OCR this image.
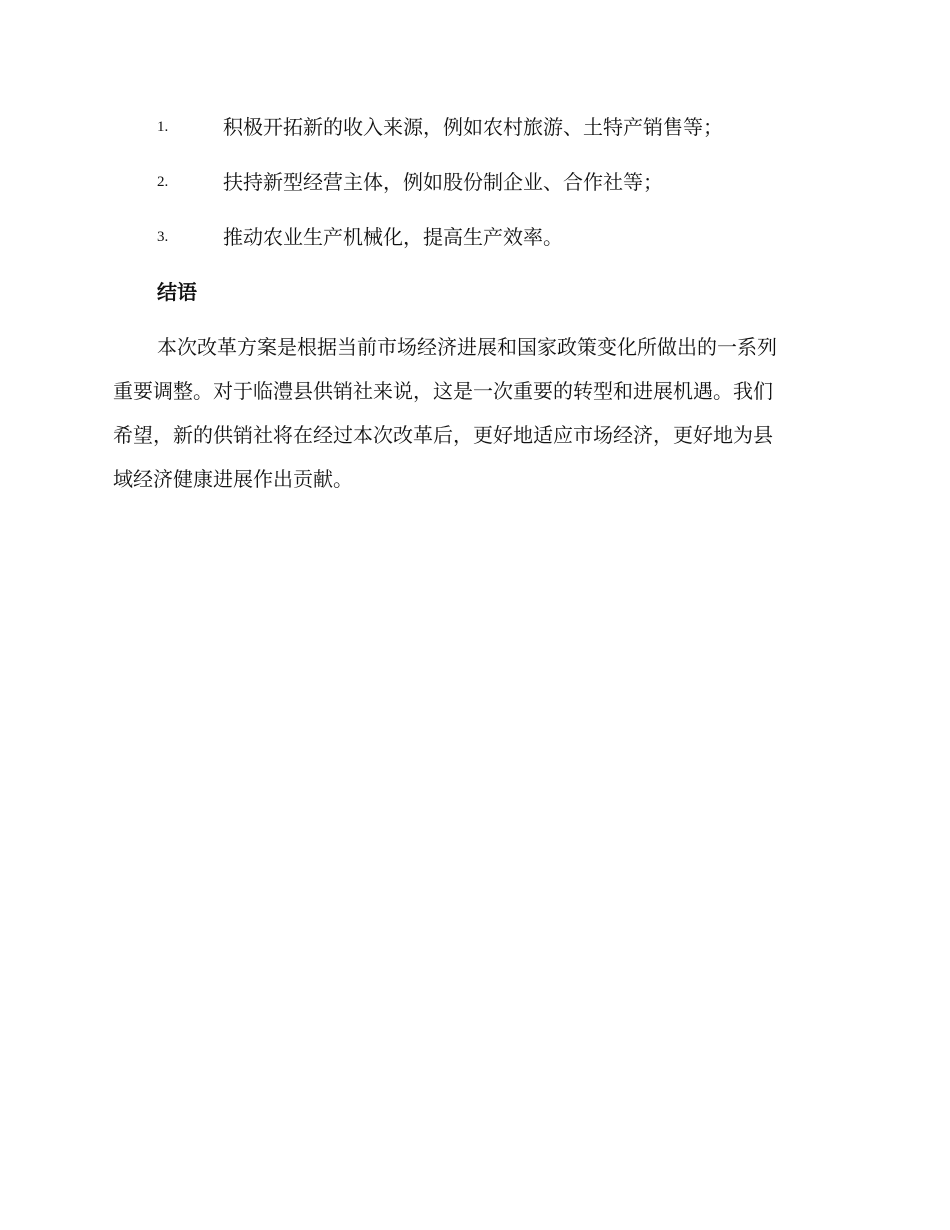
1.	积极开拓新的收入来源，例如农村旅游、土特产销售等；
2.	扶持新型经营主体，例如股份制企业、合作社等；
3.	推动农业生产机械化，提高生产效率。
结语
本次改革方案是根据当前市场经济进展和国家政策变化所做出的一系列
重要调整。对于临澧县供销社来说，这是一次重要的转型和进展机遇。我们
希望，新的供销社将在经过本次改革后，更好地适应市场经济，更好地为县
域经济健康进展作出贡献。
